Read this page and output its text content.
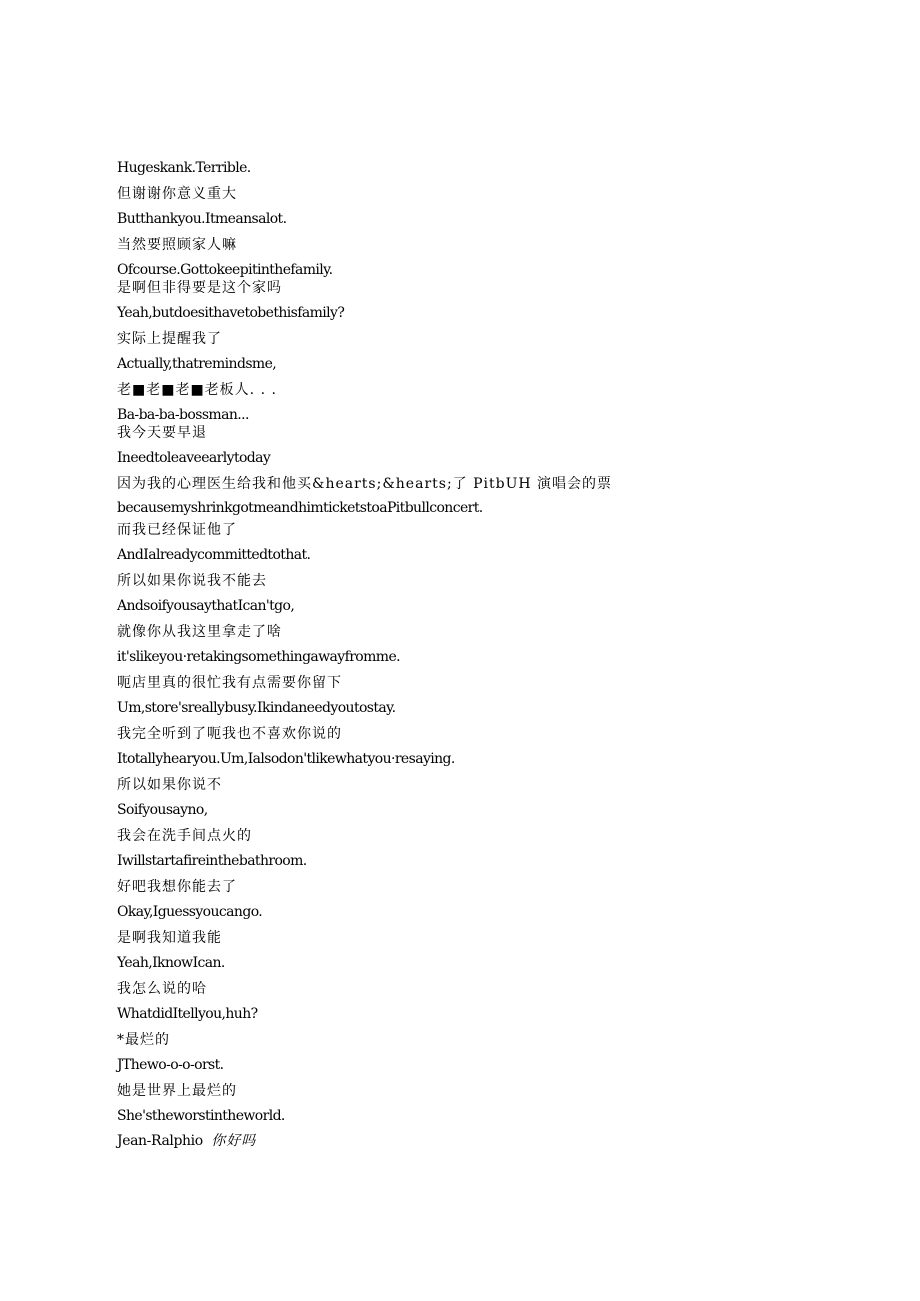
Hugeskank.Terrible.
但谢谢你意义重大
Butthankyou.Itmeansalot.
当然要照顾家人嘛
Ofcourse.Gottokeepitinthefamily.
是啊但非得要是这个家吗
Yeah,butdoesithavetobethisfamily?
实际上提醒我了
Actually,thatremindsme,
老■老■老■老板人. . .
Ba-ba-ba-bossman...
我今天要早退
Ineedtoleaveearlytoday
因为我的心理医生给我和他买&hearts;&hearts;了 PitbUH 演唱会的票
becausemyshrinkgotmeandhimticketstoaPitbullconcert.
而我已经保证他了
AndIalreadycommittedtothat.
所以如果你说我不能去
AndsoifyousaythatIcan'tgo,
就像你从我这里拿走了啥
it'slikeyou·retakingsomethingawayfromme.
呃店里真的很忙我有点需要你留下
Um,store'sreallybusy.Ikindaneedyoutostay.
我完全听到了呃我也不喜欢你说的
Itotallyhearyou.Um,Ialsodon'tlikewhatyou·resaying.
所以如果你说不
Soifyousayno,
我会在洗手间点火的
Iwillstartafireinthebathroom.
好吧我想你能去了
Okay,Iguessyoucango.
是啊我知道我能
Yeah,IknowIcan.
我怎么说的哈
WhatdidItellyou,huh?
*最烂的
JThewo-o-o-orst.
她是世界上最烂的
She'stheworstintheworld.
Jean-Ralphio 你好吗
